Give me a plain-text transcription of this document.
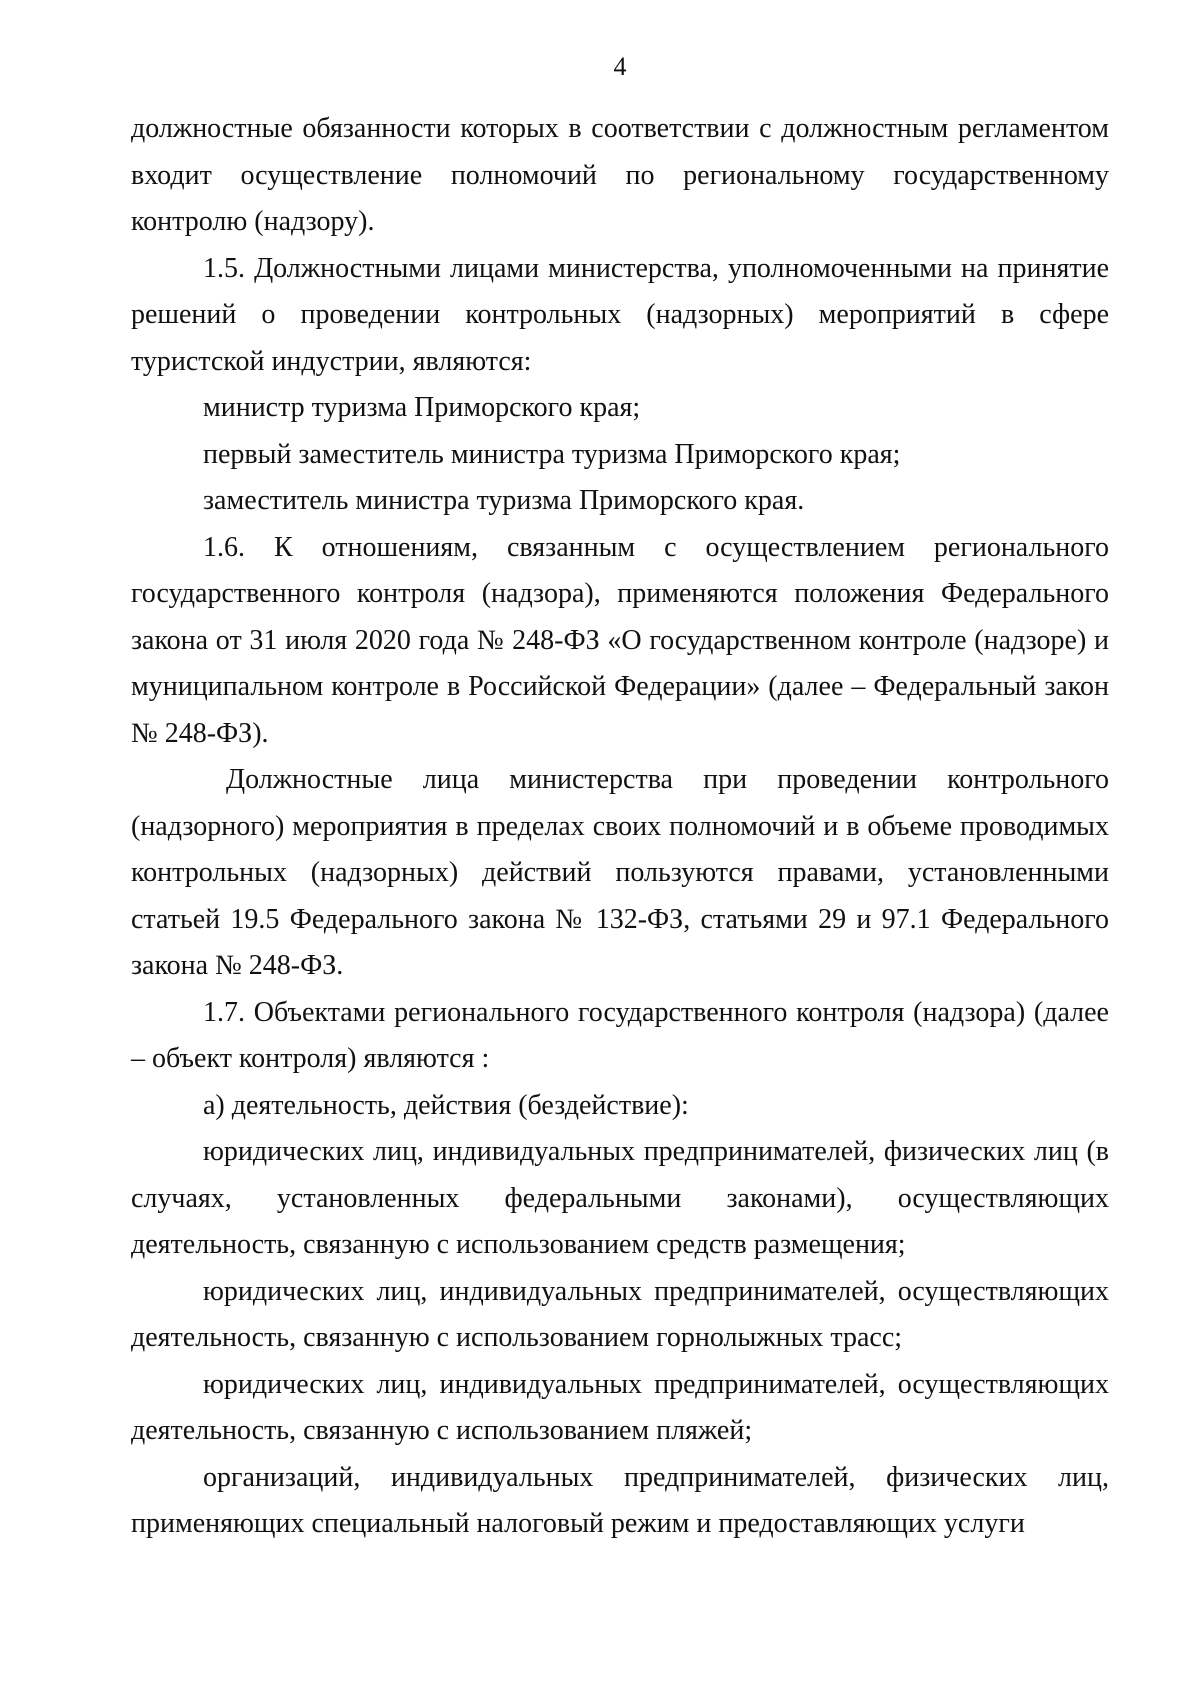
4

должностные обязанности которых в соответствии с должностным регламентом входит осуществление полномочий по региональному государственному контролю (надзору).

1.5. Должностными лицами министерства, уполномоченными на принятие решений о проведении контрольных (надзорных) мероприятий в сфере туристской индустрии, являются:

министр туризма Приморского края;

первый заместитель министра туризма Приморского края;

заместитель министра туризма Приморского края.

1.6. К отношениям, связанным с осуществлением регионального государственного контроля (надзора), применяются положения Федерального закона от 31 июля 2020 года № 248-ФЗ «О государственном контроле (надзоре) и муниципальном контроле в Российской Федерации» (далее – Федеральный закон № 248-ФЗ).

Должностные лица министерства при проведении контрольного (надзорного) мероприятия в пределах своих полномочий и в объеме проводимых контрольных (надзорных) действий пользуются правами, установленными статьей 19.5 Федерального закона № 132-ФЗ, статьями 29 и 97.1 Федерального закона № 248-ФЗ.

1.7. Объектами регионального государственного контроля (надзора) (далее – объект контроля) являются :

а) деятельность, действия (бездействие):

юридических лиц, индивидуальных предпринимателей, физических лиц (в случаях, установленных федеральными законами), осуществляющих деятельность, связанную с использованием средств размещения;

юридических лиц, индивидуальных предпринимателей, осуществляющих деятельность, связанную с использованием горнолыжных трасс;

юридических лиц, индивидуальных предпринимателей, осуществляющих деятельность, связанную с использованием пляжей;

организаций, индивидуальных предпринимателей, физических лиц, применяющих специальный налоговый режим и предоставляющих услуги
